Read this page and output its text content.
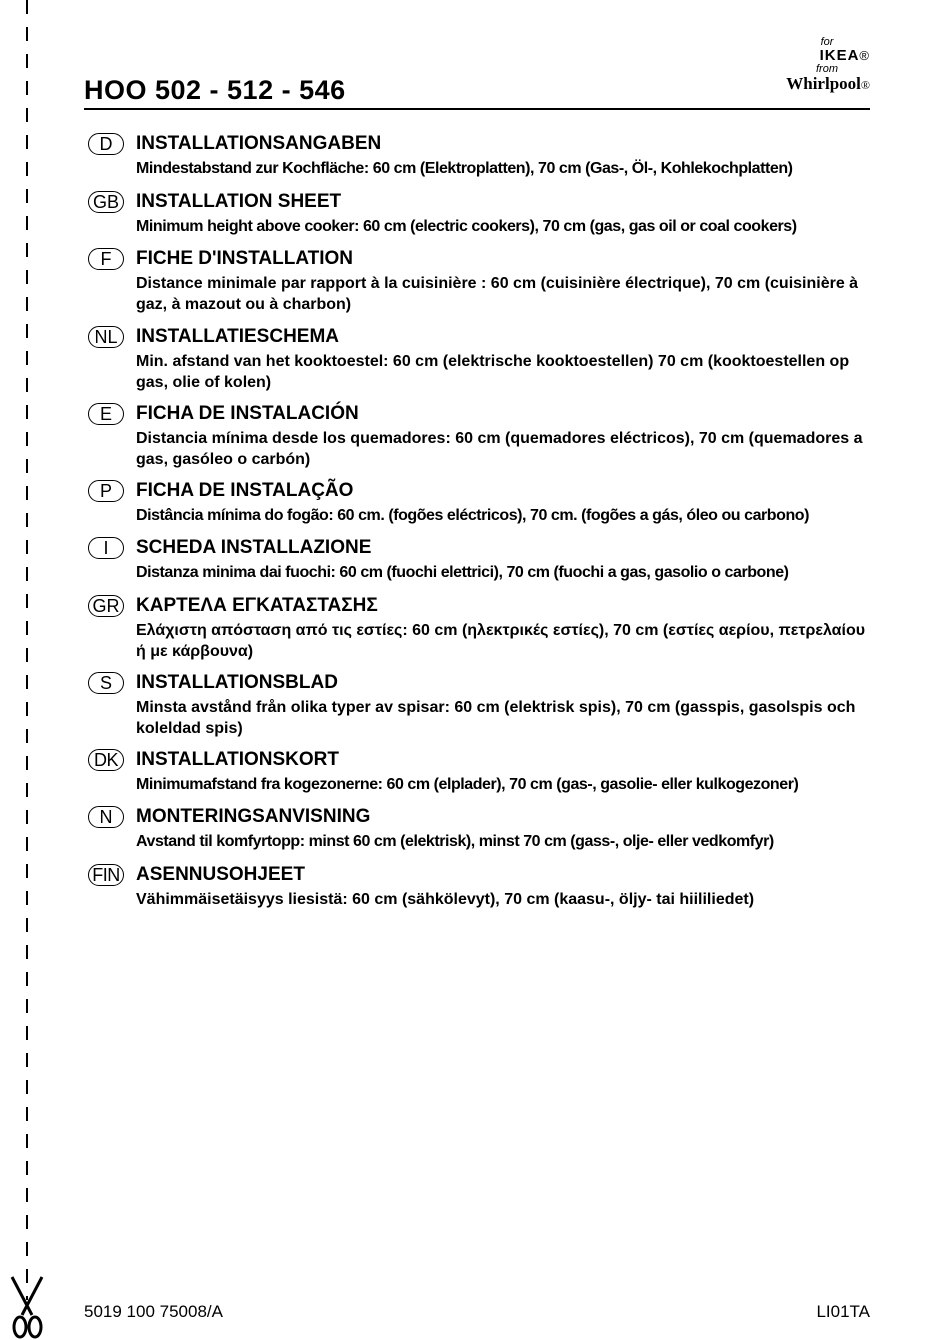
HOO 502 - 512 - 546
for
IKEA®
from
Whirlpool®
D	INSTALLATIONSANGABEN
Mindestabstand zur Kochfläche: 60 cm (Elektroplatten), 70 cm (Gas-, Öl-, Kohlekochplatten)
GB INSTALLATION SHEET
Minimum height above cooker: 60 cm (electric cookers), 70 cm (gas, gas oil or coal cookers)
F	FICHE D'INSTALLATION
Distance minimale par rapport à la cuisinière : 60 cm (cuisinière électrique), 70 cm (cuisinière à gaz, à mazout ou à charbon)
NL INSTALLATIESCHEMA
Min. afstand van het kooktoestel: 60 cm (elektrische kooktoestellen) 70 cm (kooktoestellen op gas, olie of kolen)
E	FICHA DE INSTALACIÓN
Distancia mínima desde los quemadores: 60 cm (quemadores eléctricos), 70 cm (quemadores a gas, gasóleo o carbón)
P	FICHA DE INSTALAÇÃO
Distância mínima do fogão: 60 cm. (fogões eléctricos), 70 cm. (fogões a gás, óleo ou carbono)
I	SCHEDA INSTALLAZIONE
Distanza minima dai fuochi: 60 cm (fuochi elettrici), 70 cm (fuochi a gas, gasolio o carbone)
GR ΚΑΡΤΕΛΑ ΕΓΚΑΤΑΣΤΑΣΗΣ
Ελάχιστη απόσταση από τις εστίες: 60 cm (ηλεκτρικές εστίες), 70 cm (εστίες αερίου, πετρελαίου ή με κάρβουνα)
S	INSTALLATIONSBLAD
Minsta avstånd från olika typer av spisar: 60 cm (elektrisk spis), 70 cm (gasspis, gasolspis och koleldad spis)
DK INSTALLATIONSKORT
Minimumafstand fra kogezonerne: 60 cm (elplader), 70 cm (gas-, gasolie- eller kulkogezoner)
N	MONTERINGSANVISNING
Avstand til komfyrtopp: minst 60 cm (elektrisk), minst 70 cm (gass-, olje- eller vedkomfyr)
FIN ASENNUSOHJEET
Vähimmäisetäisyys liesistä: 60 cm (sähkölevyt), 70 cm (kaasu-, öljy- tai hiililiedet)
5019 100 75008/A	LI01TA
